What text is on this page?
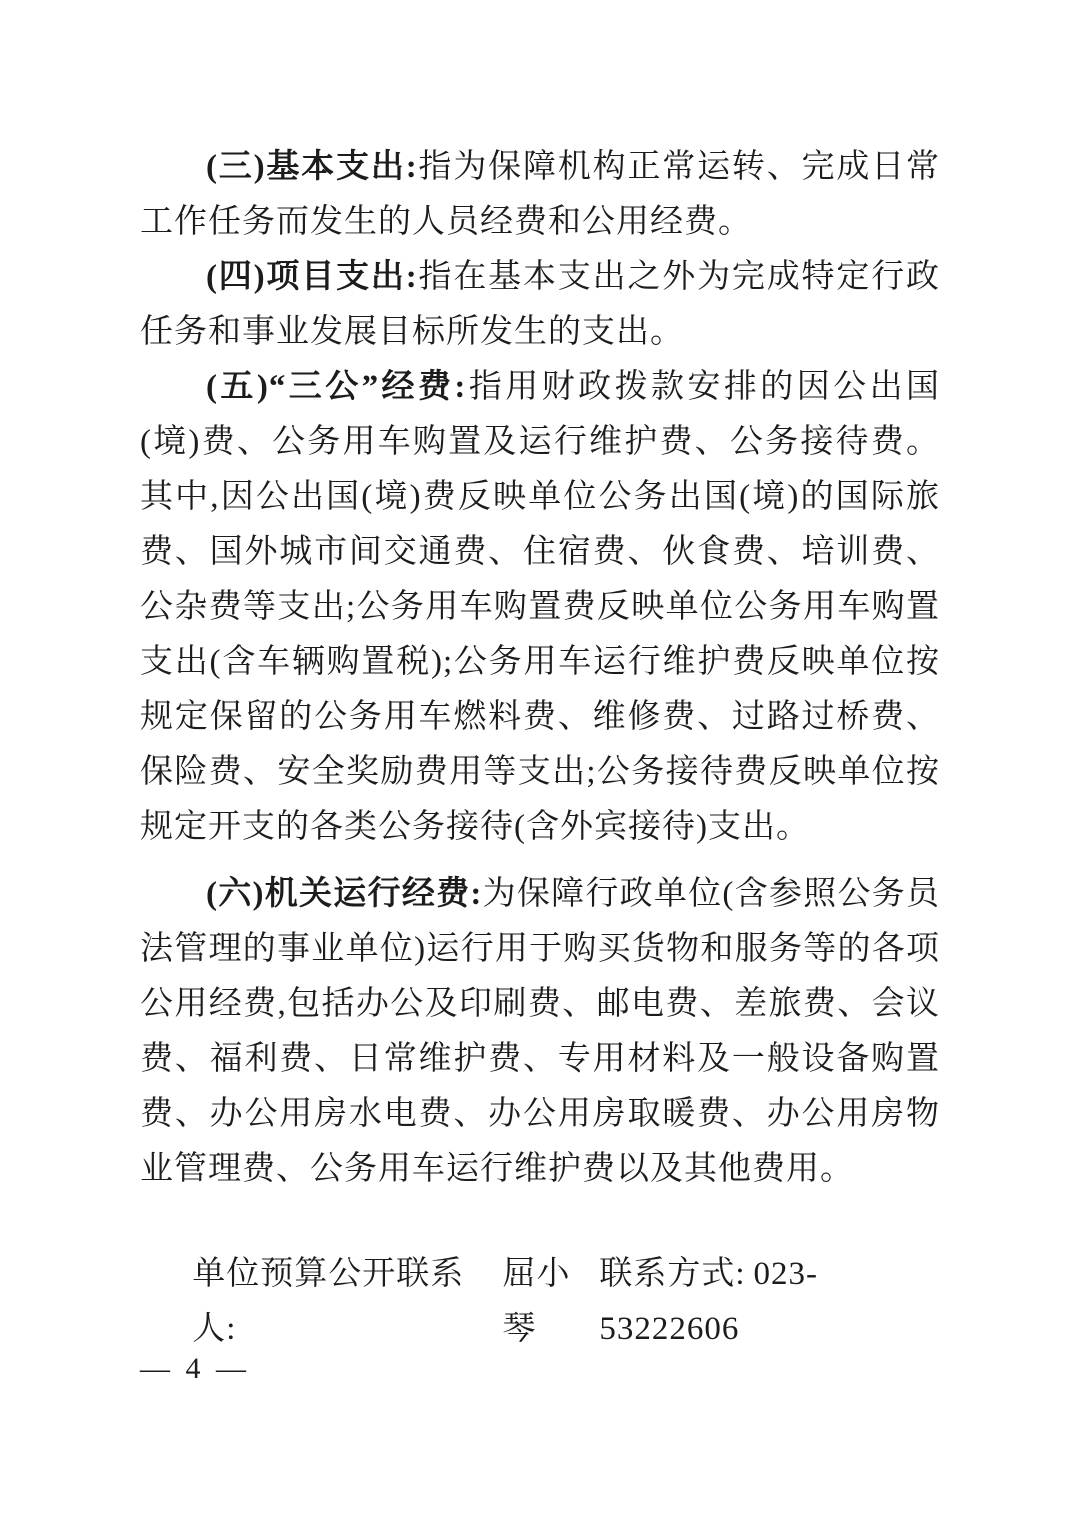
(三)基本支出:指为保障机构正常运转、完成日常工作任务而发生的人员经费和公用经费。

(四)项目支出:指在基本支出之外为完成特定行政任务和事业发展目标所发生的支出。

(五)“三公”经费:指用财政拨款安排的因公出国(境)费、公务用车购置及运行维护费、公务接待费。其中,因公出国(境)费反映单位公务出国(境)的国际旅费、国外城市间交通费、住宿费、伙食费、培训费、公杂费等支出;公务用车购置费反映单位公务用车购置支出(含车辆购置税);公务用车运行维护费反映单位按规定保留的公务用车燃料费、维修费、过路过桥费、保险费、安全奖励费用等支出;公务接待费反映单位按规定开支的各类公务接待(含外宾接待)支出。

(六)机关运行经费:为保障行政单位(含参照公务员法管理的事业单位)运行用于购买货物和服务等的各项公用经费,包括办公及印刷费、邮电费、差旅费、会议费、福利费、日常维护费、专用材料及一般设备购置费、办公用房水电费、办公用房取暖费、办公用房物业管理费、公务用车运行维护费以及其他费用。

单位预算公开联系人:
屈小琴
联系方式: 023-53222606
— 4 —
